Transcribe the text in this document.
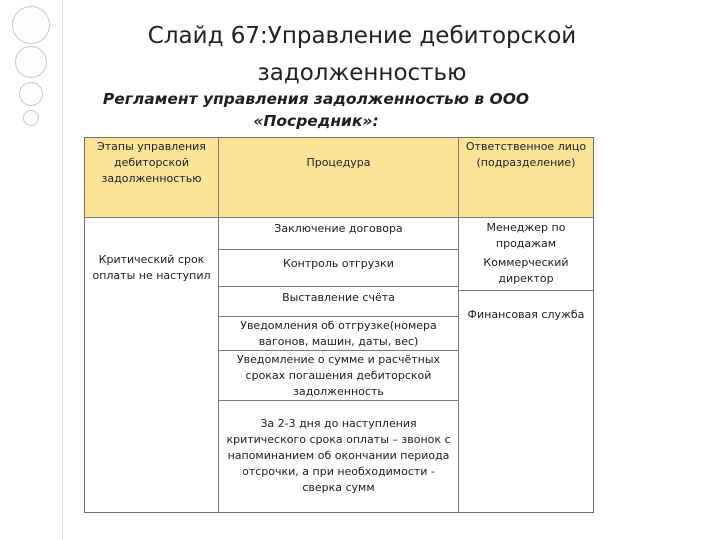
Слайд 67:Управление дебиторской
задолженностью
Регламент управления задолженностью в ООО
«Посредник»:
Этапы управления
дебиторской
задолженностью
Процедура
Ответственное лицо
(подразделение)
Критический срок
оплаты не наступил
Заключение договора
Контроль отгрузки
Выставление счёта
Уведомления об отгрузке(номера
вагонов, машин, даты, вес)
Уведомление о сумме и расчётных
сроках погашения дебиторской
задолженность
За 2-3 дня до наступления
критического срока оплаты – звонок с
напоминанием об окончании периода
отсрочки, а при необходимости -
сверка сумм
Менеджер по
продажам
Коммерческий
директор
Финансовая служба
